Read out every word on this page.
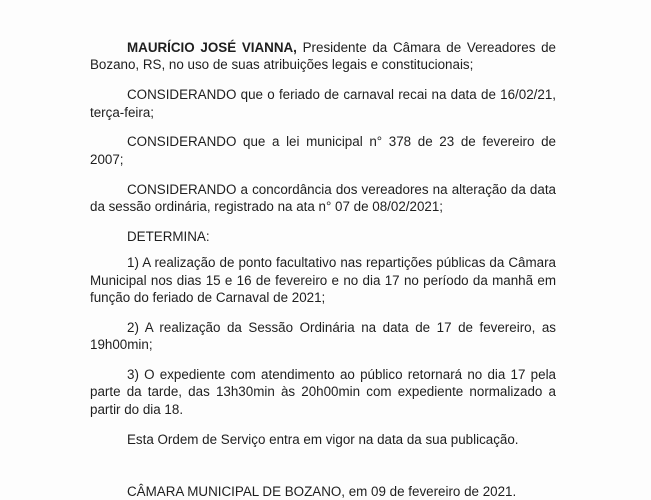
MAURÍCIO JOSÉ VIANNA, Presidente da Câmara de Vereadores de Bozano, RS, no uso de suas atribuições legais e constitucionais;

CONSIDERANDO que o feriado de carnaval recai na data de 16/02/21, terça-feira;

CONSIDERANDO que a lei municipal n° 378 de 23 de fevereiro de 2007;

CONSIDERANDO a concordância dos vereadores na alteração da data da sessão ordinária, registrado na ata n° 07 de 08/02/2021;

DETERMINA:

1) A realização de ponto facultativo nas repartições públicas da Câmara Municipal nos dias 15 e 16 de fevereiro e no dia 17 no período da manhã em função do feriado de Carnaval de 2021;

2) A realização da Sessão Ordinária na data de 17 de fevereiro, as 19h00min;

3) O expediente com atendimento ao público retornará no dia 17 pela parte da tarde, das 13h30min às 20h00min com expediente normalizado a partir do dia 18.

Esta Ordem de Serviço entra em vigor na data da sua publicação.

CÂMARA MUNICIPAL DE BOZANO, em 09 de fevereiro de 2021.
